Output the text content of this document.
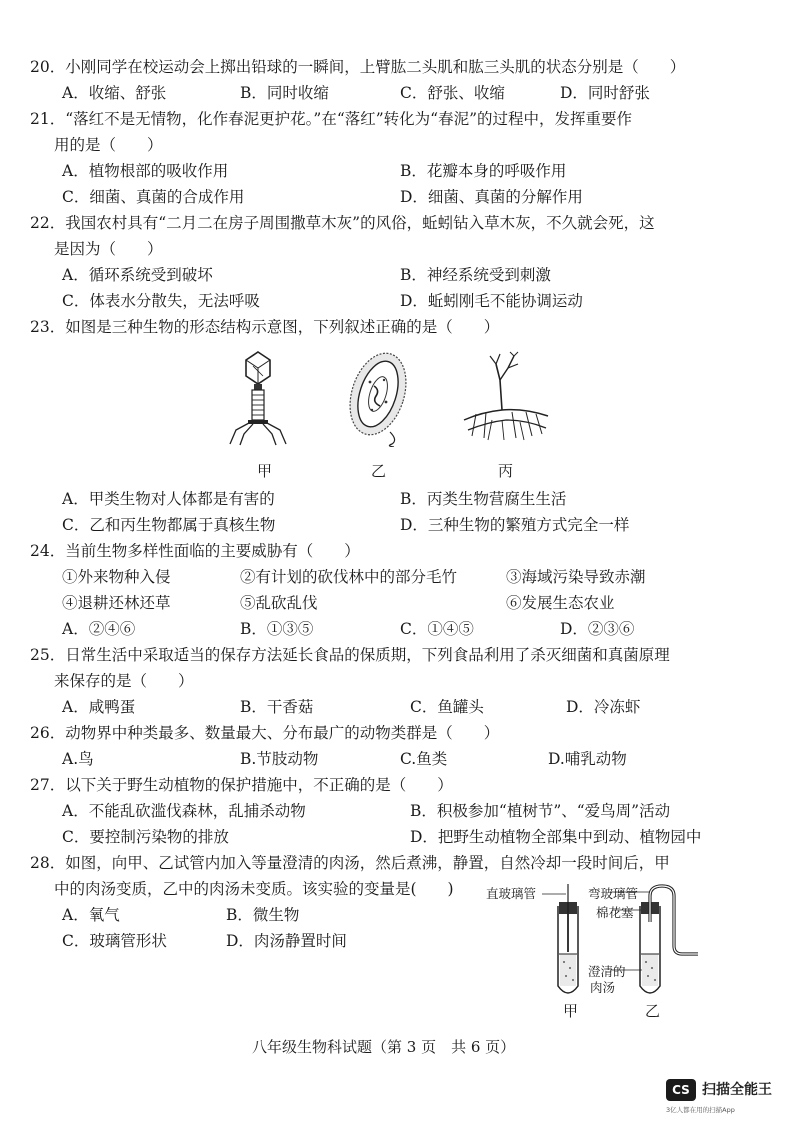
20．小刚同学在校运动会上掷出铅球的一瞬间，上臂肱二头肌和肱三头肌的状态分别是（　　）
A．收缩、舒张	B．同时收缩	C．舒张、收缩	D．同时舒张
21．“落红不是无情物，化作春泥更护花。”在“落红”转化为“春泥”的过程中，发挥重要作
用的是（　　）
A．植物根部的吸收作用	B．花瓣本身的呼吸作用
C．细菌、真菌的合成作用	D．细菌、真菌的分解作用
22．我国农村具有“二月二在房子周围撒草木灰”的风俗，蚯蚓钻入草木灰，不久就会死，这
是因为（　　）
A．循环系统受到破坏	B．神经系统受到刺激
C．体表水分散失，无法呼吸	D．蚯蚓刚毛不能协调运动
23．如图是三种生物的形态结构示意图，下列叙述正确的是（　　）
甲	乙	丙
A．甲类生物对人体都是有害的	B．丙类生物营腐生生活
C．乙和丙生物都属于真核生物	D．三种生物的繁殖方式完全一样
24．当前生物多样性面临的主要威胁有（　　）
①外来物种入侵	②有计划的砍伐林中的部分毛竹	③海域污染导致赤潮
④退耕还林还草	⑤乱砍乱伐	⑥发展生态农业
A．②④⑥	B．①③⑤	C．①④⑤	D．②③⑥
25．日常生活中采取适当的保存方法延长食品的保质期，下列食品利用了杀灭细菌和真菌原理
来保存的是（　　）
A．咸鸭蛋	B．干香菇	C．鱼罐头	D．冷冻虾
26．动物界中种类最多、数量最大、分布最广的动物类群是（　　）
A.鸟	B.节肢动物	C.鱼类	D.哺乳动物
27．以下关于野生动植物的保护措施中，不正确的是（　　）
A．不能乱砍滥伐森林，乱捕杀动物	B．积极参加“植树节”、“爱鸟周”活动
C．要控制污染物的排放	D．把野生动植物全部集中到动、植物园中
28．如图，向甲、乙试管内加入等量澄清的肉汤，然后煮沸，静置，自然冷却一段时间后，甲
中的肉汤变质，乙中的肉汤未变质。该实验的变量是(　　)
A．氧气	B．微生物
C．玻璃管形状	D．肉汤静置时间
直玻璃管	弯玻璃管
棉花塞
澄清的
肉汤
甲	乙
八年级生物科试题（第 3 页　共 6 页）
CS 扫描全能王
3亿人都在用的扫描App
